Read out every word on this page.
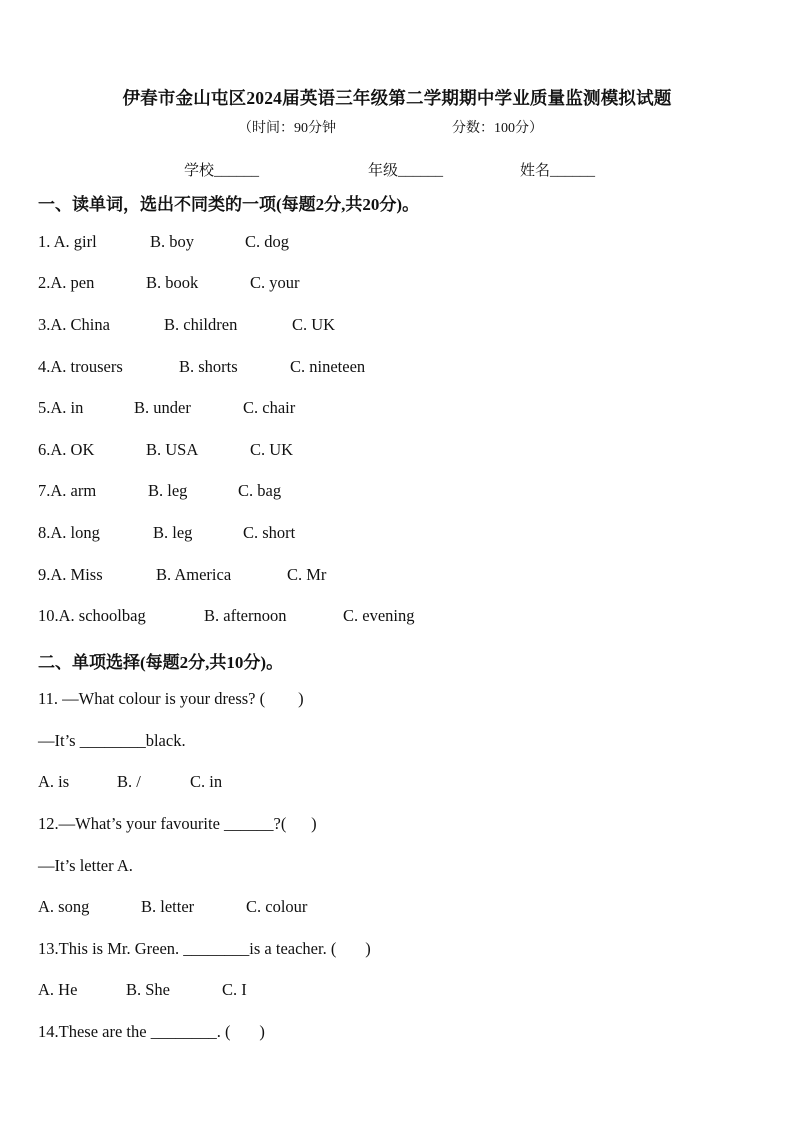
伊春市金山屯区2024届英语三年级第二学期期中学业质量监测模拟试题
（时间：90分钟	分数：100分）
学校______	年级______	姓名______
一、读单词，选出不同类的一项(每题2分,共20分)。
1. A. girl	B. boy	C. dog
2.A. pen	B. book	C. your
3.A. China	B. children	C. UK
4.A. trousers	B. shorts	C. nineteen
5.A. in	B. under	C. chair
6.A. OK	B. USA	C. UK
7.A. arm	B. leg	C. bag
8.A. long	B. leg	C. short
9.A. Miss	B. America	C. Mr
10.A. schoolbag	B. afternoon	C. evening
二、单项选择(每题2分,共10分)。
11. —What colour is your dress? (        )
—It’s ________black.
A. is	B. /	C. in
12.—What’s your favourite ______?(      )
—It’s letter A.
A. song	B. letter	C. colour
13.This is Mr. Green. ________is a teacher. (       )
A. He	B. She	C. I
14.These are the ________. (       )
